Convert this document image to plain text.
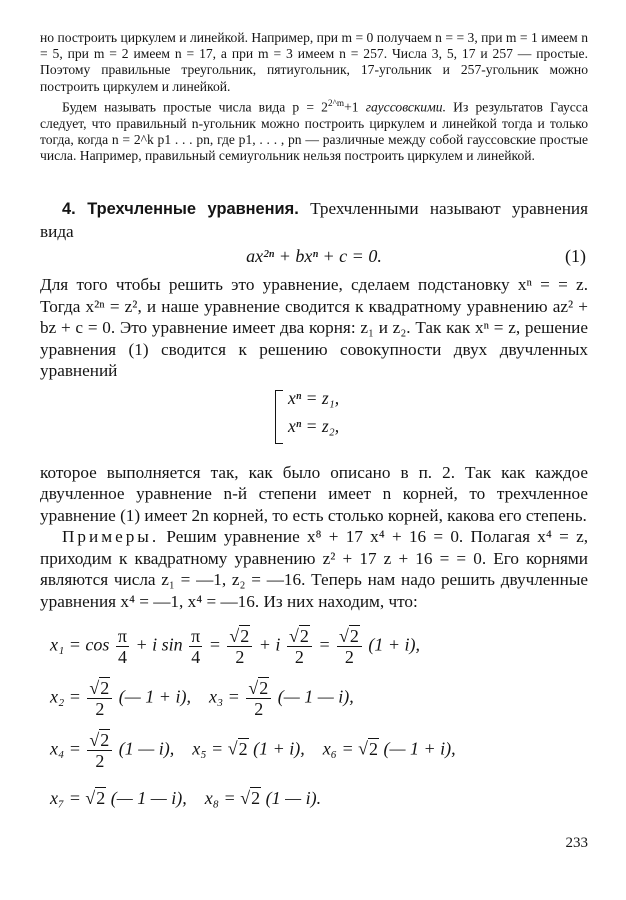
но построить циркулем и линейкой. Например, при m = 0 получаем n = = 3, при m = 1 имеем n = 5, при m = 2 имеем n = 17, а при m = 3 имеем n = 257. Числа 3, 5, 17 и 257 — простые. Поэтому правильные треугольник, пятиугольник, 17-угольник и 257-угольник можно построить циркулем и линейкой.

Будем называть простые числа вида $p = 2^{2\^{}m}+1$ гауссовскими. Из результатов Гаусса следует, что правильный n-угольник можно построить циркулем и линейкой тогда и только тогда, когда n = 2^k p1 . . . pn, где p1, . . . , pn — различные между собой гауссовские простые числа. Например, правильный семиугольник нельзя построить циркулем и линейкой.

4. Трехчленные уравнения. Трехчленными называют уравнения вида

ax²ⁿ + bxⁿ + c = 0.	(1)

Для того чтобы решить это уравнение, сделаем подстановку xⁿ = = z. Тогда x²ⁿ = z², и наше уравнение сводится к квадратному уравнению az² + bz + c = 0. Это уравнение имеет два корня: z₁ и z₂. Так как xⁿ = z, решение уравнения (1) сводится к решению совокупности двух двучленных уравнений

xⁿ = z₁,
xⁿ = z₂,

которое выполняется так, как было описано в п. 2. Так как каждое двучленное уравнение n-й степени имеет n корней, то трехчленное уравнение (1) имеет 2n корней, то есть столько корней, какова его степень.

Примеры. Решим уравнение x⁸ + 17 x⁴ + 16 = 0. Полагая x⁴ = z, приходим к квадратному уравнению z² + 17 z + 16 = = 0. Его корнями являются числа z₁ = —1, z₂ = —16. Теперь нам надо решить двучленные уравнения x⁴ = —1, x⁴ = —16. Из них находим, что:

$x_1 = \cos \frac{\pi}{4} + i$ $\sin \frac{\pi}{4} = \frac{√2}{2} + i \frac{√2}{2} = \frac{√2}{2} (1 + i)$,
$x_2 = \frac{√2}{2}$ (— 1 + i), $x_3 = \frac{√2}{2}$ (— 1 — i),
$x_4 = \frac{√2}{2} (1$ — i), x₅ = √2 (1 + i), x₆ = √2 (— 1 + i),
x₇ = √2 (— 1 — i), x₈ = √2 (1 — i).
233
